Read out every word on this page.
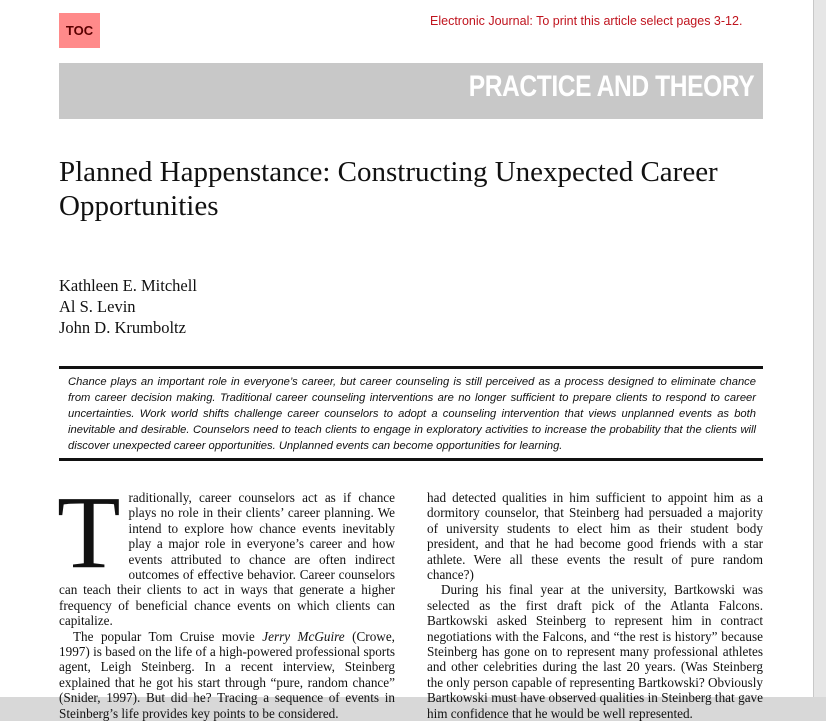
TOC
Electronic Journal: To print this article select pages 3-12.
PRACTICE AND THEORY
Planned Happenstance: Constructing Unexpected Career Opportunities
Kathleen E. Mitchell
Al S. Levin
John D. Krumboltz
Chance plays an important role in everyone’s career, but career counseling is still perceived as a process designed to eliminate chance from career decision making. Traditional career counseling interventions are no longer sufficient to prepare clients to respond to career uncertainties. Work world shifts challenge career counselors to adopt a counseling intervention that views unplanned events as both inevitable and desirable. Counselors need to teach clients to engage in exploratory activities to increase the probability that the clients will discover unexpected career opportunities. Unplanned events can become opportunities for learning.

Traditionally, career counselors act as if chance plays no role in their clients’ career planning. We intend to explore how chance events inevitably play a major role in everyone’s career and how events attributed to chance are often indirect outcomes of effective behavior. Career counselors can teach their clients to act in ways that generate a higher frequency of beneficial chance events on which clients can capitalize.

The popular Tom Cruise movie Jerry McGuire (Crowe, 1997) is based on the life of a high-powered professional sports agent, Leigh Steinberg. In a recent interview, Steinberg explained that he got his start through “pure, random chance” (Snider, 1997). But did he? Tracing a sequence of events in Steinberg’s life provides key points to be considered.

had detected qualities in him sufficient to appoint him as a dormitory counselor, that Steinberg had persuaded a majority of university students to elect him as their student body president, and that he had become good friends with a star athlete. Were all these events the result of pure random chance?)

During his final year at the university, Bartkowski was selected as the first draft pick of the Atlanta Falcons. Bartkowski asked Steinberg to represent him in contract negotiations with the Falcons, and “the rest is history” because Steinberg has gone on to represent many professional athletes and other celebrities during the last 20 years. (Was Steinberg the only person capable of representing Bartkowski? Obviously Bartkowski must have observed qualities in Steinberg that gave him confidence that he would be well represented.
